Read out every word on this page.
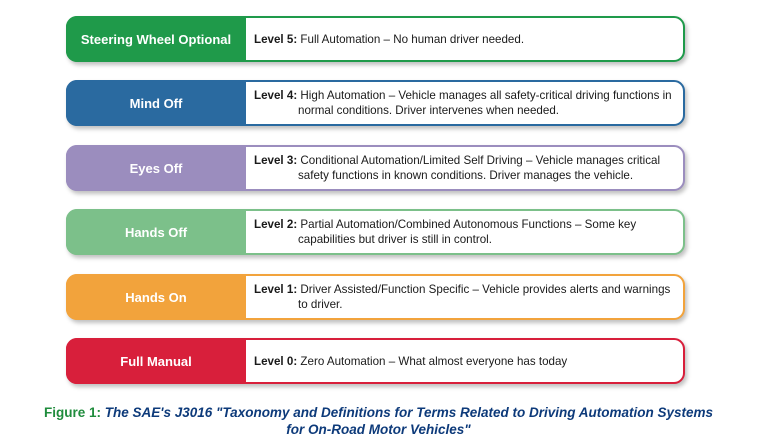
Steering Wheel Optional	Level 5: Full Automation – No human driver needed.
Mind Off	Level 4: High Automation – Vehicle manages all safety-critical driving functions in normal conditions. Driver intervenes when needed.
Eyes Off	Level 3: Conditional Automation/Limited Self Driving – Vehicle manages critical safety functions in known conditions. Driver manages the vehicle.
Hands Off	Level 2: Partial Automation/Combined Autonomous Functions – Some key capabilities but driver is still in control.
Hands On	Level 1: Driver Assisted/Function Specific – Vehicle provides alerts and warnings to driver.
Full Manual	Level 0: Zero Automation – What almost everyone has today
Figure 1: The SAE's J3016 "Taxonomy and Definitions for Terms Related to Driving Automation Systems
for On-Road Motor Vehicles"
